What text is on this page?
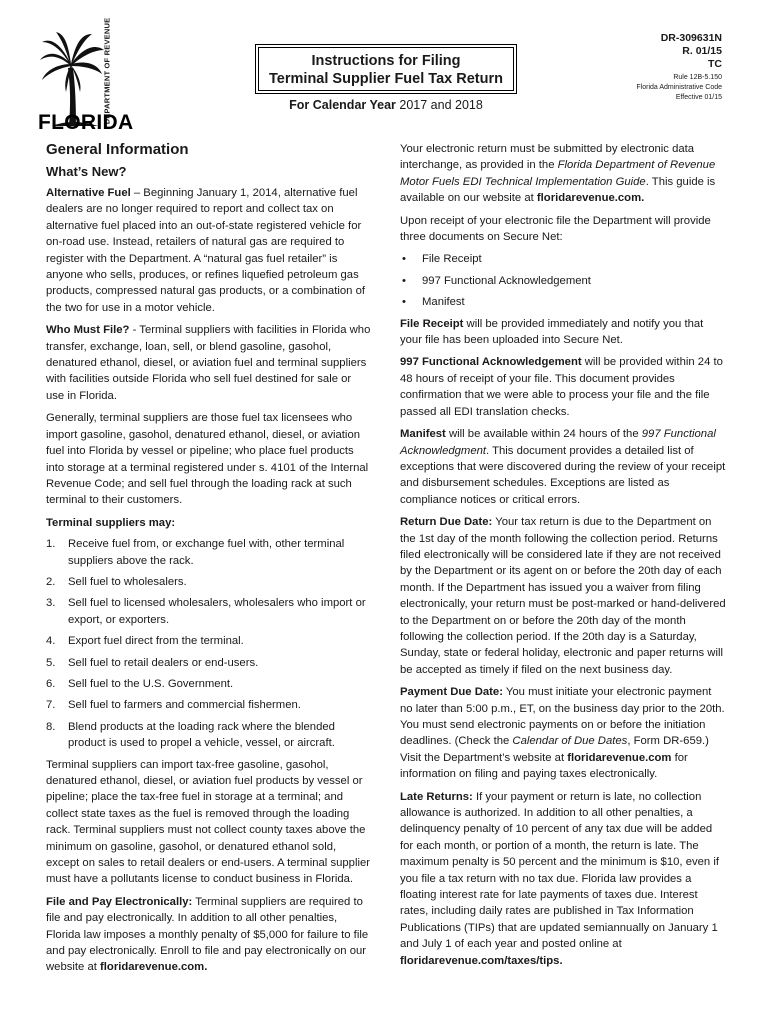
DEPARTMENT OF REVENUE
FLORIDA
Instructions for Filing
Terminal Supplier Fuel Tax Return
For Calendar Year 2017 and 2018
DR-309631N
R. 01/15
TC
Rule 12B-5.150
Florida Administrative Code
Effective 01/15
General Information
What’s New?

Alternative Fuel – Beginning January 1, 2014, alternative fuel dealers are no longer required to report and collect tax on alternative fuel placed into an out-of-state registered vehicle for on-road use. Instead, retailers of natural gas are required to register with the Department. A “natural gas fuel retailer” is anyone who sells, produces, or refines liquefied petroleum gas products, compressed natural gas products, or a combination of the two for use in a motor vehicle.

Who Must File? - Terminal suppliers with facilities in Florida who transfer, exchange, loan, sell, or blend gasoline, gasohol, denatured ethanol, diesel, or aviation fuel and terminal suppliers with facilities outside Florida who sell fuel destined for sale or use in Florida.

Generally, terminal suppliers are those fuel tax licensees who import gasoline, gasohol, denatured ethanol, diesel, or aviation fuel into Florida by vessel or pipeline; who place fuel products into storage at a terminal registered under s. 4101 of the Internal Revenue Code; and sell fuel through the loading rack at such terminal to their customers.

Terminal suppliers may:
1. Receive fuel from, or exchange fuel with, other terminal suppliers above the rack.
2. Sell fuel to wholesalers.
3. Sell fuel to licensed wholesalers, wholesalers who import or export, or exporters.
4. Export fuel direct from the terminal.
5. Sell fuel to retail dealers or end-users.
6. Sell fuel to the U.S. Government.
7. Sell fuel to farmers and commercial fishermen.
8. Blend products at the loading rack where the blended product is used to propel a vehicle, vessel, or aircraft.

Terminal suppliers can import tax-free gasoline, gasohol, denatured ethanol, diesel, or aviation fuel products by vessel or pipeline; place the tax-free fuel in storage at a terminal; and collect state taxes as the fuel is removed through the loading rack. Terminal suppliers must not collect county taxes above the minimum on gasoline, gasohol, or denatured ethanol sold, except on sales to retail dealers or end-users. A terminal supplier must have a pollutants license to conduct business in Florida.

File and Pay Electronically: Terminal suppliers are required to file and pay electronically. In addition to all other penalties, Florida law imposes a monthly penalty of $5,000 for failure to file and pay electronically. Enroll to file and pay electronically on our website at floridarevenue.com.

Your electronic return must be submitted by electronic data interchange, as provided in the Florida Department of Revenue Motor Fuels EDI Technical Implementation Guide. This guide is available on our website at floridarevenue.com.

Upon receipt of your electronic file the Department will provide three documents on Secure Net:

• File Receipt
• 997 Functional Acknowledgement
• Manifest

File Receipt will be provided immediately and notify you that your file has been uploaded into Secure Net.

997 Functional Acknowledgement will be provided within 24 to 48 hours of receipt of your file. This document provides confirmation that we were able to process your file and the file passed all EDI translation checks.

Manifest will be available within 24 hours of the 997 Functional Acknowledgment. This document provides a detailed list of exceptions that were discovered during the review of your receipt and disbursement schedules. Exceptions are listed as compliance notices or critical errors.

Return Due Date: Your tax return is due to the Department on the 1st day of the month following the collection period. Returns filed electronically will be considered late if they are not received by the Department or its agent on or before the 20th day of each month. If the Department has issued you a waiver from filing electronically, your return must be post-marked or hand-delivered to the Department on or before the 20th day of the month following the collection period. If the 20th day is a Saturday, Sunday, state or federal holiday, electronic and paper returns will be accepted as timely if filed on the next business day.

Payment Due Date: You must initiate your electronic payment no later than 5:00 p.m., ET, on the business day prior to the 20th. You must send electronic payments on or before the initiation deadlines. (Check the Calendar of Due Dates, Form DR-659.) Visit the Department’s website at floridarevenue.com for information on filing and paying taxes electronically.

Late Returns: If your payment or return is late, no collection allowance is authorized. In addition to all other penalties, a delinquency penalty of 10 percent of any tax due will be added for each month, or portion of a month, the return is late. The maximum penalty is 50 percent and the minimum is $10, even if you file a tax return with no tax due. Florida law provides a floating interest rate for late payments of taxes due. Interest rates, including daily rates are published in Tax Information Publications (TIPs) that are updated semiannually on January 1 and July 1 of each year and posted online at floridarevenue.com/taxes/tips.
